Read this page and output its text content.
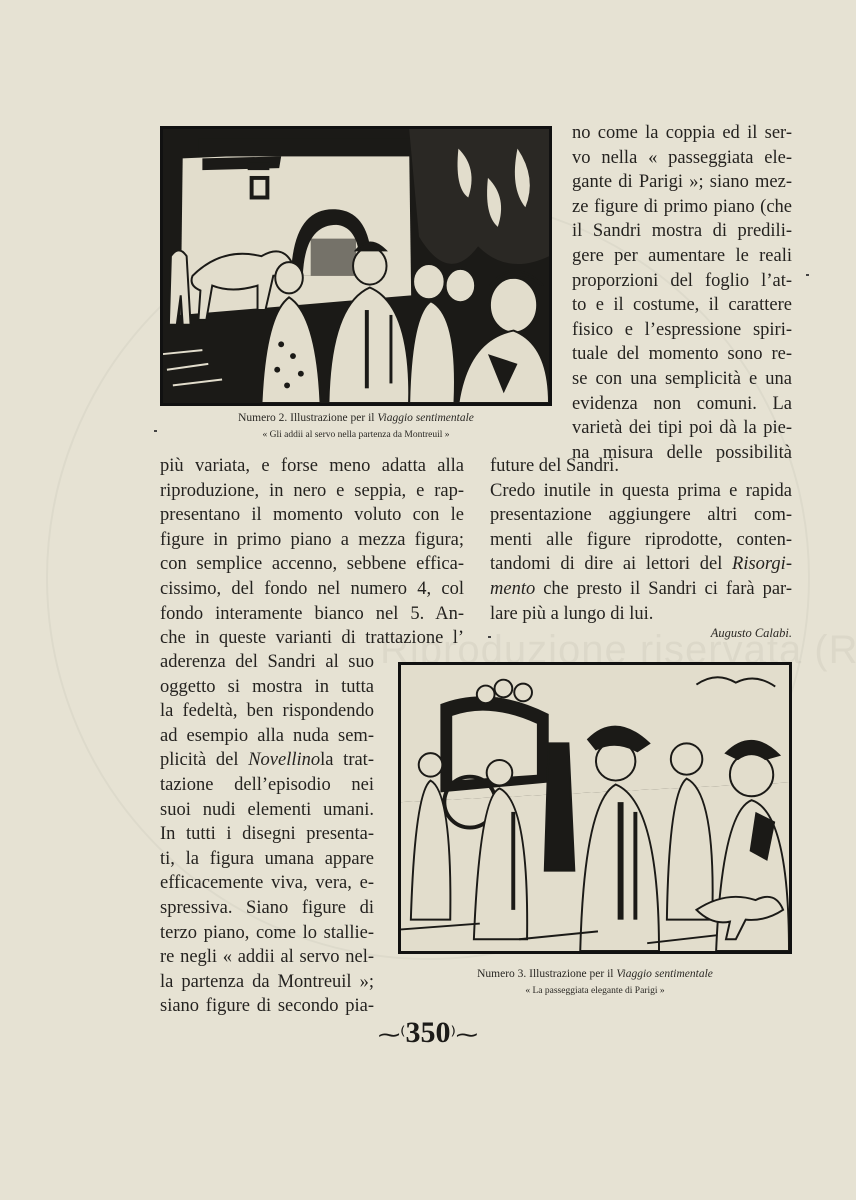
Numero 2. Illustrazione per il Viaggio sentimentale
« Gli addii al servo nella partenza da Montreuil »
no come la coppia ed il ser-
vo nella « passeggiata ele-
gante di Parigi »; siano mez-
ze figure di primo piano (che
il Sandri mostra di predili-
gere per aumentare le reali
proporzioni del foglio l’at-
to e il costume, il carattere
fisico e l’espressione spiri-
tuale del momento sono re-
se con una semplicità e una
evidenza non comuni. La
varietà dei tipi poi dà la pie-
na misura delle possibilità
più variata, e forse meno adatta alla
riproduzione, in nero e seppia, e rap-
presentano il momento voluto con le
figure in primo piano a mezza figura;
con semplice accenno, sebbene effica-
cissimo, del fondo nel numero 4, col
fondo interamente bianco nel 5. An-
che in queste varianti di trattazione l’
future del Sandri.
Credo inutile in questa prima e rapida
presentazione aggiungere altri com-
menti alle figure riprodotte, conten-
tandomi di dire ai lettori del Risorgi-
mento che presto il Sandri ci farà par-
lare più a lungo di lui.
Augusto Calabi.
aderenza del Sandri al suo
oggetto si mostra in tutta
la fedeltà, ben rispondendo
ad esempio alla nuda sem-
plicità del Novellinola trat-
tazione dell’episodio nei
suoi nudi elementi umani.
In tutti i disegni presenta-
ti, la figura umana appare
efficacemente viva, vera, e-
spressiva. Siano figure di
terzo piano, come lo stallie-
re negli « addii al servo nel-
la partenza da Montreuil »;
siano figure di secondo pia-
Numero 3. Illustrazione per il Viaggio sentimentale
« La passeggiata elegante di Parigi »
⁓⁽350⁾⁓
